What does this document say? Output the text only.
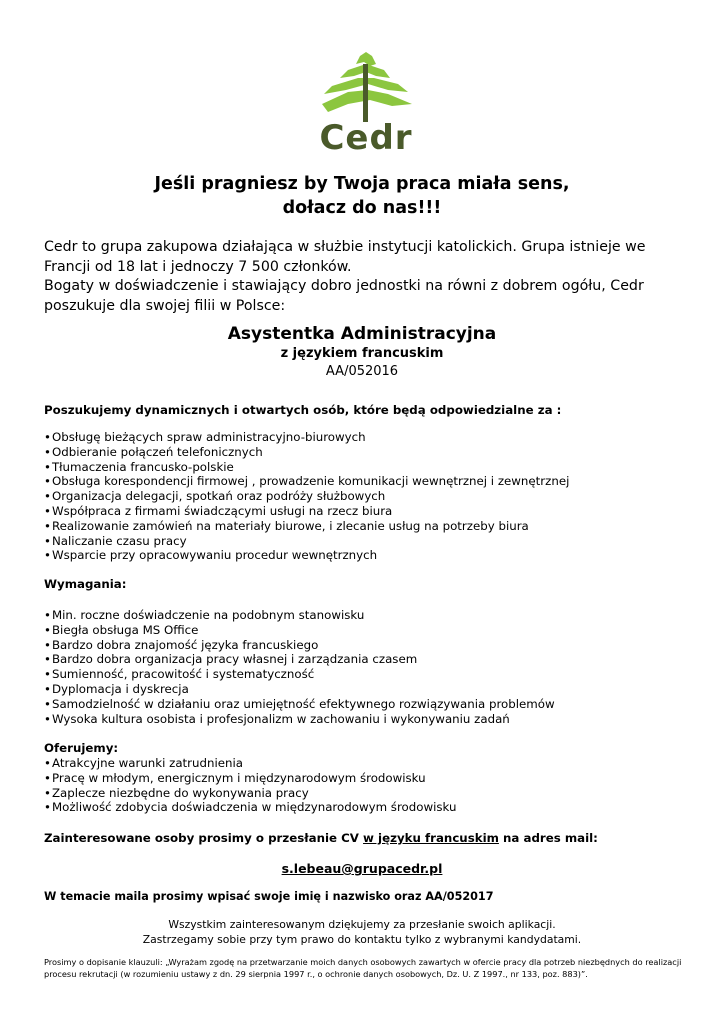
Cedr
Jeśli pragniesz by Twoja praca miała sens,
dołacz do nas!!!

Cedr to grupa zakupowa działająca w służbie instytucji katolickich. Grupa istnieje we Francji od 18 lat i jednoczy 7 500 członków.

Bogaty w doświadczenie i stawiający dobro jednostki na równi z dobrem ogółu, Cedr poszukuje dla swojej filii w Polsce:

Asystentka Administracyjna
z językiem francuskim
AA/052016
Poszukujemy dynamicznych i otwartych osób, które będą odpowiedzialne za :
• Obsługę bieżących spraw administracyjno-biurowych
• Odbieranie połączeń telefonicznych
• Tłumaczenia francusko-polskie
• Obsługa korespondencji firmowej , prowadzenie komunikacji wewnętrznej i zewnętrznej
• Organizacja delegacji, spotkań oraz podróży służbowych
• Współpraca z firmami świadczącymi usługi na rzecz biura
• Realizowanie zamówień na materiały biurowe, i zlecanie usług na potrzeby biura
• Naliczanie czasu pracy
• Wsparcie przy opracowywaniu procedur wewnętrznych
Wymagania:
• Min. roczne doświadczenie na podobnym stanowisku
• Biegła obsługa MS Office
• Bardzo dobra znajomość języka francuskiego
• Bardzo dobra organizacja pracy własnej i zarządzania czasem
• Sumienność, pracowitość i systematyczność
• Dyplomacja i dyskrecja
• Samodzielność w działaniu oraz umiejętność efektywnego rozwiązywania problemów
• Wysoka kultura osobista i profesjonalizm w zachowaniu i wykonywaniu zadań
Oferujemy:
• Atrakcyjne warunki zatrudnienia
• Pracę w młodym, energicznym i międzynarodowym środowisku
• Zaplecze niezbędne do wykonywania pracy
• Możliwość zdobycia doświadczenia w międzynarodowym środowisku
Zainteresowane osoby prosimy o przesłanie CV w języku francuskim na adres mail:
s.lebeau@grupacedr.pl
W temacie maila prosimy wpisać swoje imię i nazwisko oraz AA/052017
Wszystkim zainteresowanym dziękujemy za przesłanie swoich aplikacji.
Zastrzegamy sobie przy tym prawo do kontaktu tylko z wybranymi kandydatami.
Prosimy o dopisanie klauzuli: „Wyrażam zgodę na przetwarzanie moich danych osobowych zawartych w ofercie pracy dla potrzeb niezbędnych do realizacji procesu rekrutacji (w rozumieniu ustawy z dn. 29 sierpnia 1997 r., o ochronie danych osobowych, Dz. U. Z 1997., nr 133, poz. 883)”.
